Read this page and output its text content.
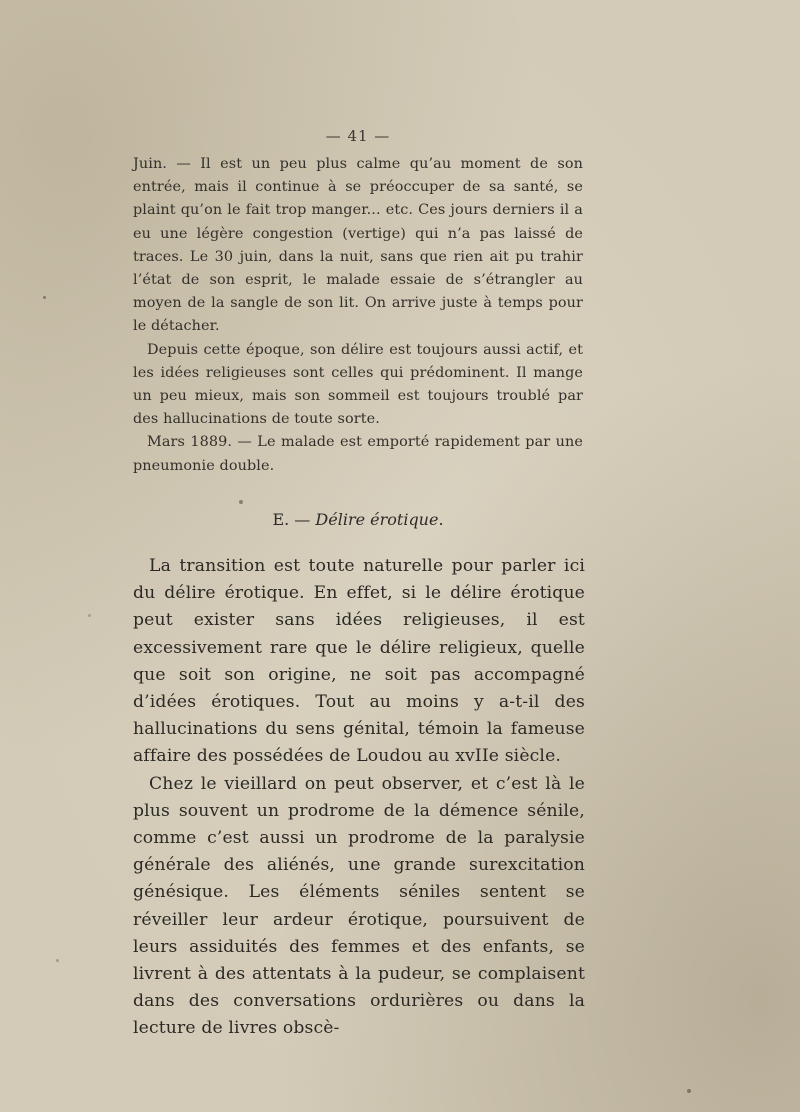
— 41 —

Juin. — Il est un peu plus calme qu’au moment de son entrée, mais il continue à se préoccuper de sa santé, se plaint qu’on le fait trop manger... etc. Ces jours derniers il a eu une légère congestion (vertige) qui n’a pas laissé de traces. Le 30 juin, dans la nuit, sans que rien ait pu trahir l’état de son esprit, le malade essaie de s’étrangler au moyen de la sangle de son lit. On arrive juste à temps pour le détacher.

Depuis cette époque, son délire est toujours aussi actif, et les idées religieuses sont celles qui prédominent. Il mange un peu mieux, mais son sommeil est toujours troublé par des hallucinations de toute sorte.

Mars 1889. — Le malade est emporté rapidement par une pneumonie double.

E. — Délire érotique.

La transition est toute naturelle pour parler ici du délire érotique. En effet, si le délire érotique peut exister sans idées religieuses, il est excessivement rare que le délire religieux, quelle que soit son origine, ne soit pas accompagné d’idées érotiques. Tout au moins y a-t-il des hallucinations du sens génital, témoin la fameuse affaire des possédées de Loudou au xvIIe siècle.

Chez le vieillard on peut observer, et c’est là le plus souvent un prodrome de la démence sénile, comme c’est aussi un prodrome de la paralysie générale des aliénés, une grande surexcitation génésique. Les éléments séniles sentent se réveiller leur ardeur érotique, poursuivent de leurs assiduités des femmes et des enfants, se livrent à des attentats à la pudeur, se complaisent dans des conversations ordurières ou dans la lecture de livres obscè-
